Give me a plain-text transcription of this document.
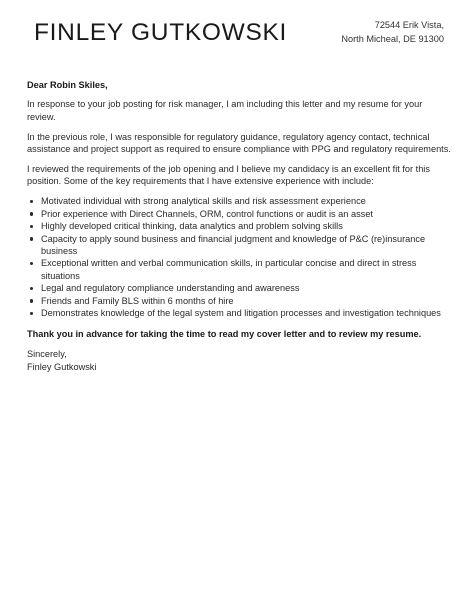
FINLEY GUTKOWSKI	72544 Erik Vista,
North Micheal, DE 91300

Dear Robin Skiles,

In response to your job posting for risk manager, I am including this letter and my resume for your review.

In the previous role, I was responsible for regulatory guidance, regulatory agency contact, technical assistance and project support as required to ensure compliance with PPG and regulatory requirements.

I reviewed the requirements of the job opening and I believe my candidacy is an excellent fit for this position. Some of the key requirements that I have extensive experience with include:

Motivated individual with strong analytical skills and risk assessment experience
Prior experience with Direct Channels, ORM, control functions or audit is an asset
Highly developed critical thinking, data analytics and problem solving skills
Capacity to apply sound business and financial judgment and knowledge of P&C (re)insurance business
Exceptional written and verbal communication skills, in particular concise and direct in stress situations
Legal and regulatory compliance understanding and awareness
Friends and Family BLS within 6 months of hire
Demonstrates knowledge of the legal system and litigation processes and investigation techniques

Thank you in advance for taking the time to read my cover letter and to review my resume.

Sincerely,

Finley Gutkowski
